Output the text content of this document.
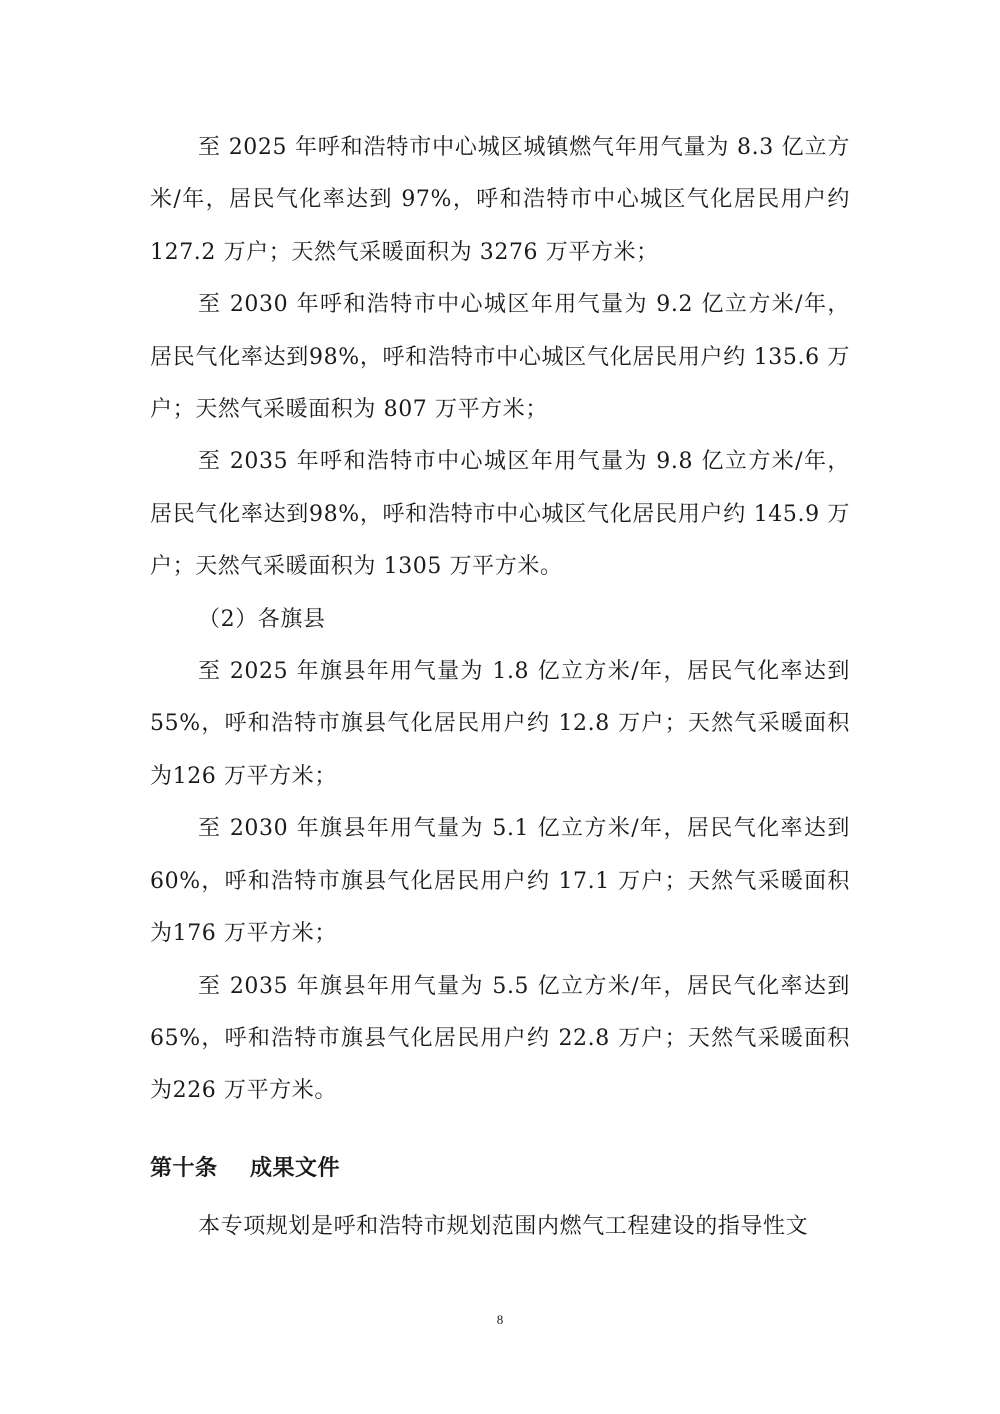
至 2025 年呼和浩特市中心城区城镇燃气年用气量为 8.3 亿立方米/年，居民气化率达到 97%，呼和浩特市中心城区气化居民用户约 127.2 万户；天然气采暖面积为 3276 万平方米；

至 2030 年呼和浩特市中心城区年用气量为 9.2 亿立方米/年，居民气化率达到98%，呼和浩特市中心城区气化居民用户约 135.6 万户；天然气采暖面积为 807 万平方米；

至 2035 年呼和浩特市中心城区年用气量为 9.8 亿立方米/年，居民气化率达到98%，呼和浩特市中心城区气化居民用户约 145.9 万户；天然气采暖面积为 1305 万平方米。

（2）各旗县

至 2025 年旗县年用气量为 1.8 亿立方米/年，居民气化率达到55%，呼和浩特市旗县气化居民用户约 12.8 万户；天然气采暖面积为126 万平方米；

至 2030 年旗县年用气量为 5.1 亿立方米/年，居民气化率达到60%，呼和浩特市旗县气化居民用户约 17.1 万户；天然气采暖面积为176 万平方米；

至 2035 年旗县年用气量为 5.5 亿立方米/年，居民气化率达到65%，呼和浩特市旗县气化居民用户约 22.8 万户；天然气采暖面积为226 万平方米。

第十条 成果文件

本专项规划是呼和浩特市规划范围内燃气工程建设的指导性文

8
